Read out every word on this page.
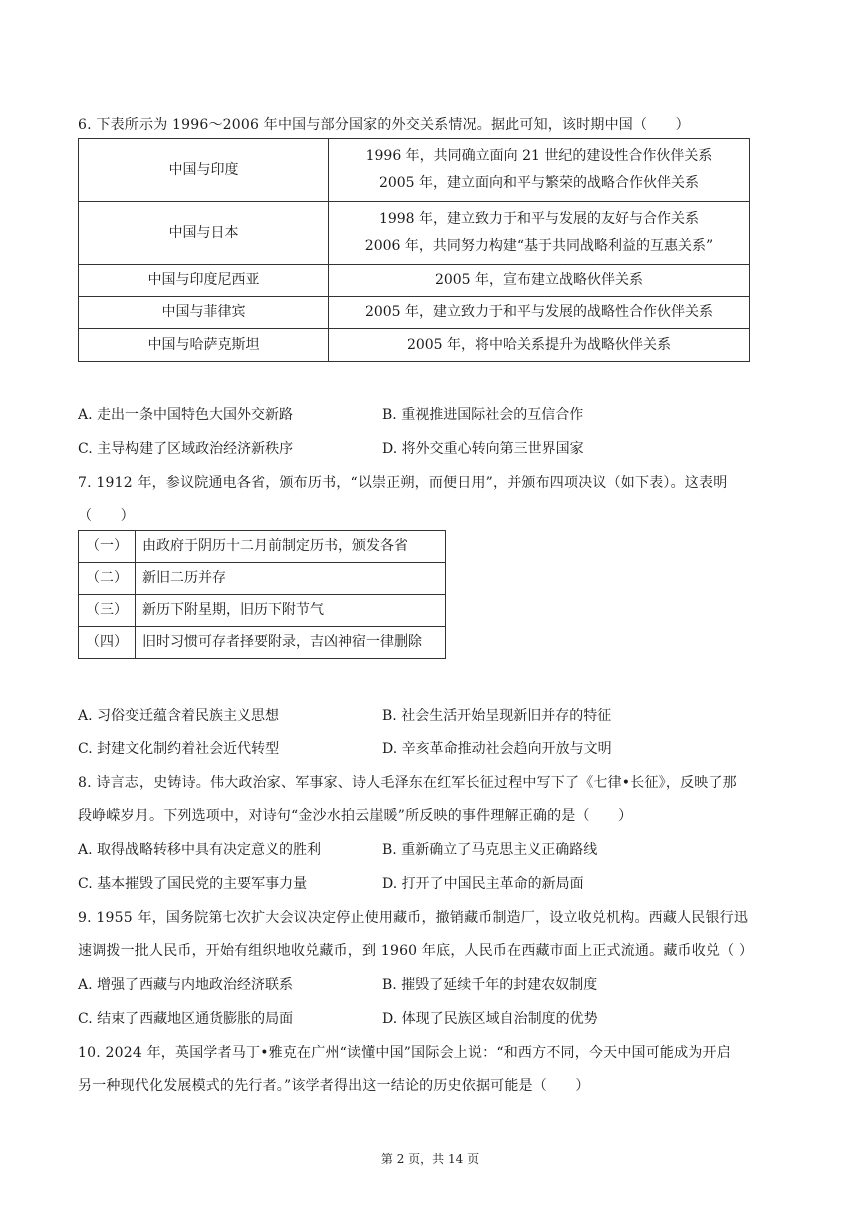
6. 下表所示为 1996～2006 年中国与部分国家的外交关系情况。据此可知，该时期中国（　　）
中国与印度	1996 年，共同确立面向 21 世纪的建设性合作伙伴关系
2005 年，建立面向和平与繁荣的战略合作伙伴关系

中国与日本	1998 年，建立致力于和平与发展的友好与合作关系
2006 年，共同努力构建“基于共同战略利益的互惠关系”

中国与印度尼西亚	2005 年，宣布建立战略伙伴关系
中国与菲律宾	2005 年，建立致力于和平与发展的战略性合作伙伴关系
中国与哈萨克斯坦	2005 年，将中哈关系提升为战略伙伴关系
A. 走出一条中国特色大国外交新路	B. 重视推进国际社会的互信合作
C. 主导构建了区域政治经济新秩序	D. 将外交重心转向第三世界国家
7. 1912 年，参议院通电各省，颁布历书，“以崇正朔，而便日用”，并颁布四项决议（如下表）。这表明
（　　）
（一）	由政府于阴历十二月前制定历书，颁发各省
（二）	新旧二历并存
（三）	新历下附星期，旧历下附节气
（四）	旧时习惯可存者择要附录，吉凶神宿一律删除
A. 习俗变迁蕴含着民族主义思想	B. 社会生活开始呈现新旧并存的特征
C. 封建文化制约着社会近代转型	D. 辛亥革命推动社会趋向开放与文明
8. 诗言志，史铸诗。伟大政治家、军事家、诗人毛泽东在红军长征过程中写下了《七律•长征》，反映了那
段峥嵘岁月。下列选项中，对诗句“金沙水拍云崖暖”所反映的事件理解正确的是（　　）
A. 取得战略转移中具有决定意义的胜利	B. 重新确立了马克思主义正确路线
C. 基本摧毁了国民党的主要军事力量	D. 打开了中国民主革命的新局面
9. 1955 年，国务院第七次扩大会议决定停止使用藏币，撤销藏币制造厂，设立收兑机构。西藏人民银行迅
速调拨一批人民币，开始有组织地收兑藏币，到 1960 年底，人民币在西藏市面上正式流通。藏币收兑（ ）
A. 增强了西藏与内地政治经济联系	B. 摧毁了延续千年的封建农奴制度
C. 结束了西藏地区通货膨胀的局面	D. 体现了民族区域自治制度的优势
10. 2024 年，英国学者马丁•雅克在广州“读懂中国”国际会上说：“和西方不同，今天中国可能成为开启
另一种现代化发展模式的先行者。”该学者得出这一结论的历史依据可能是（　　）
第 2 页，共 14 页
